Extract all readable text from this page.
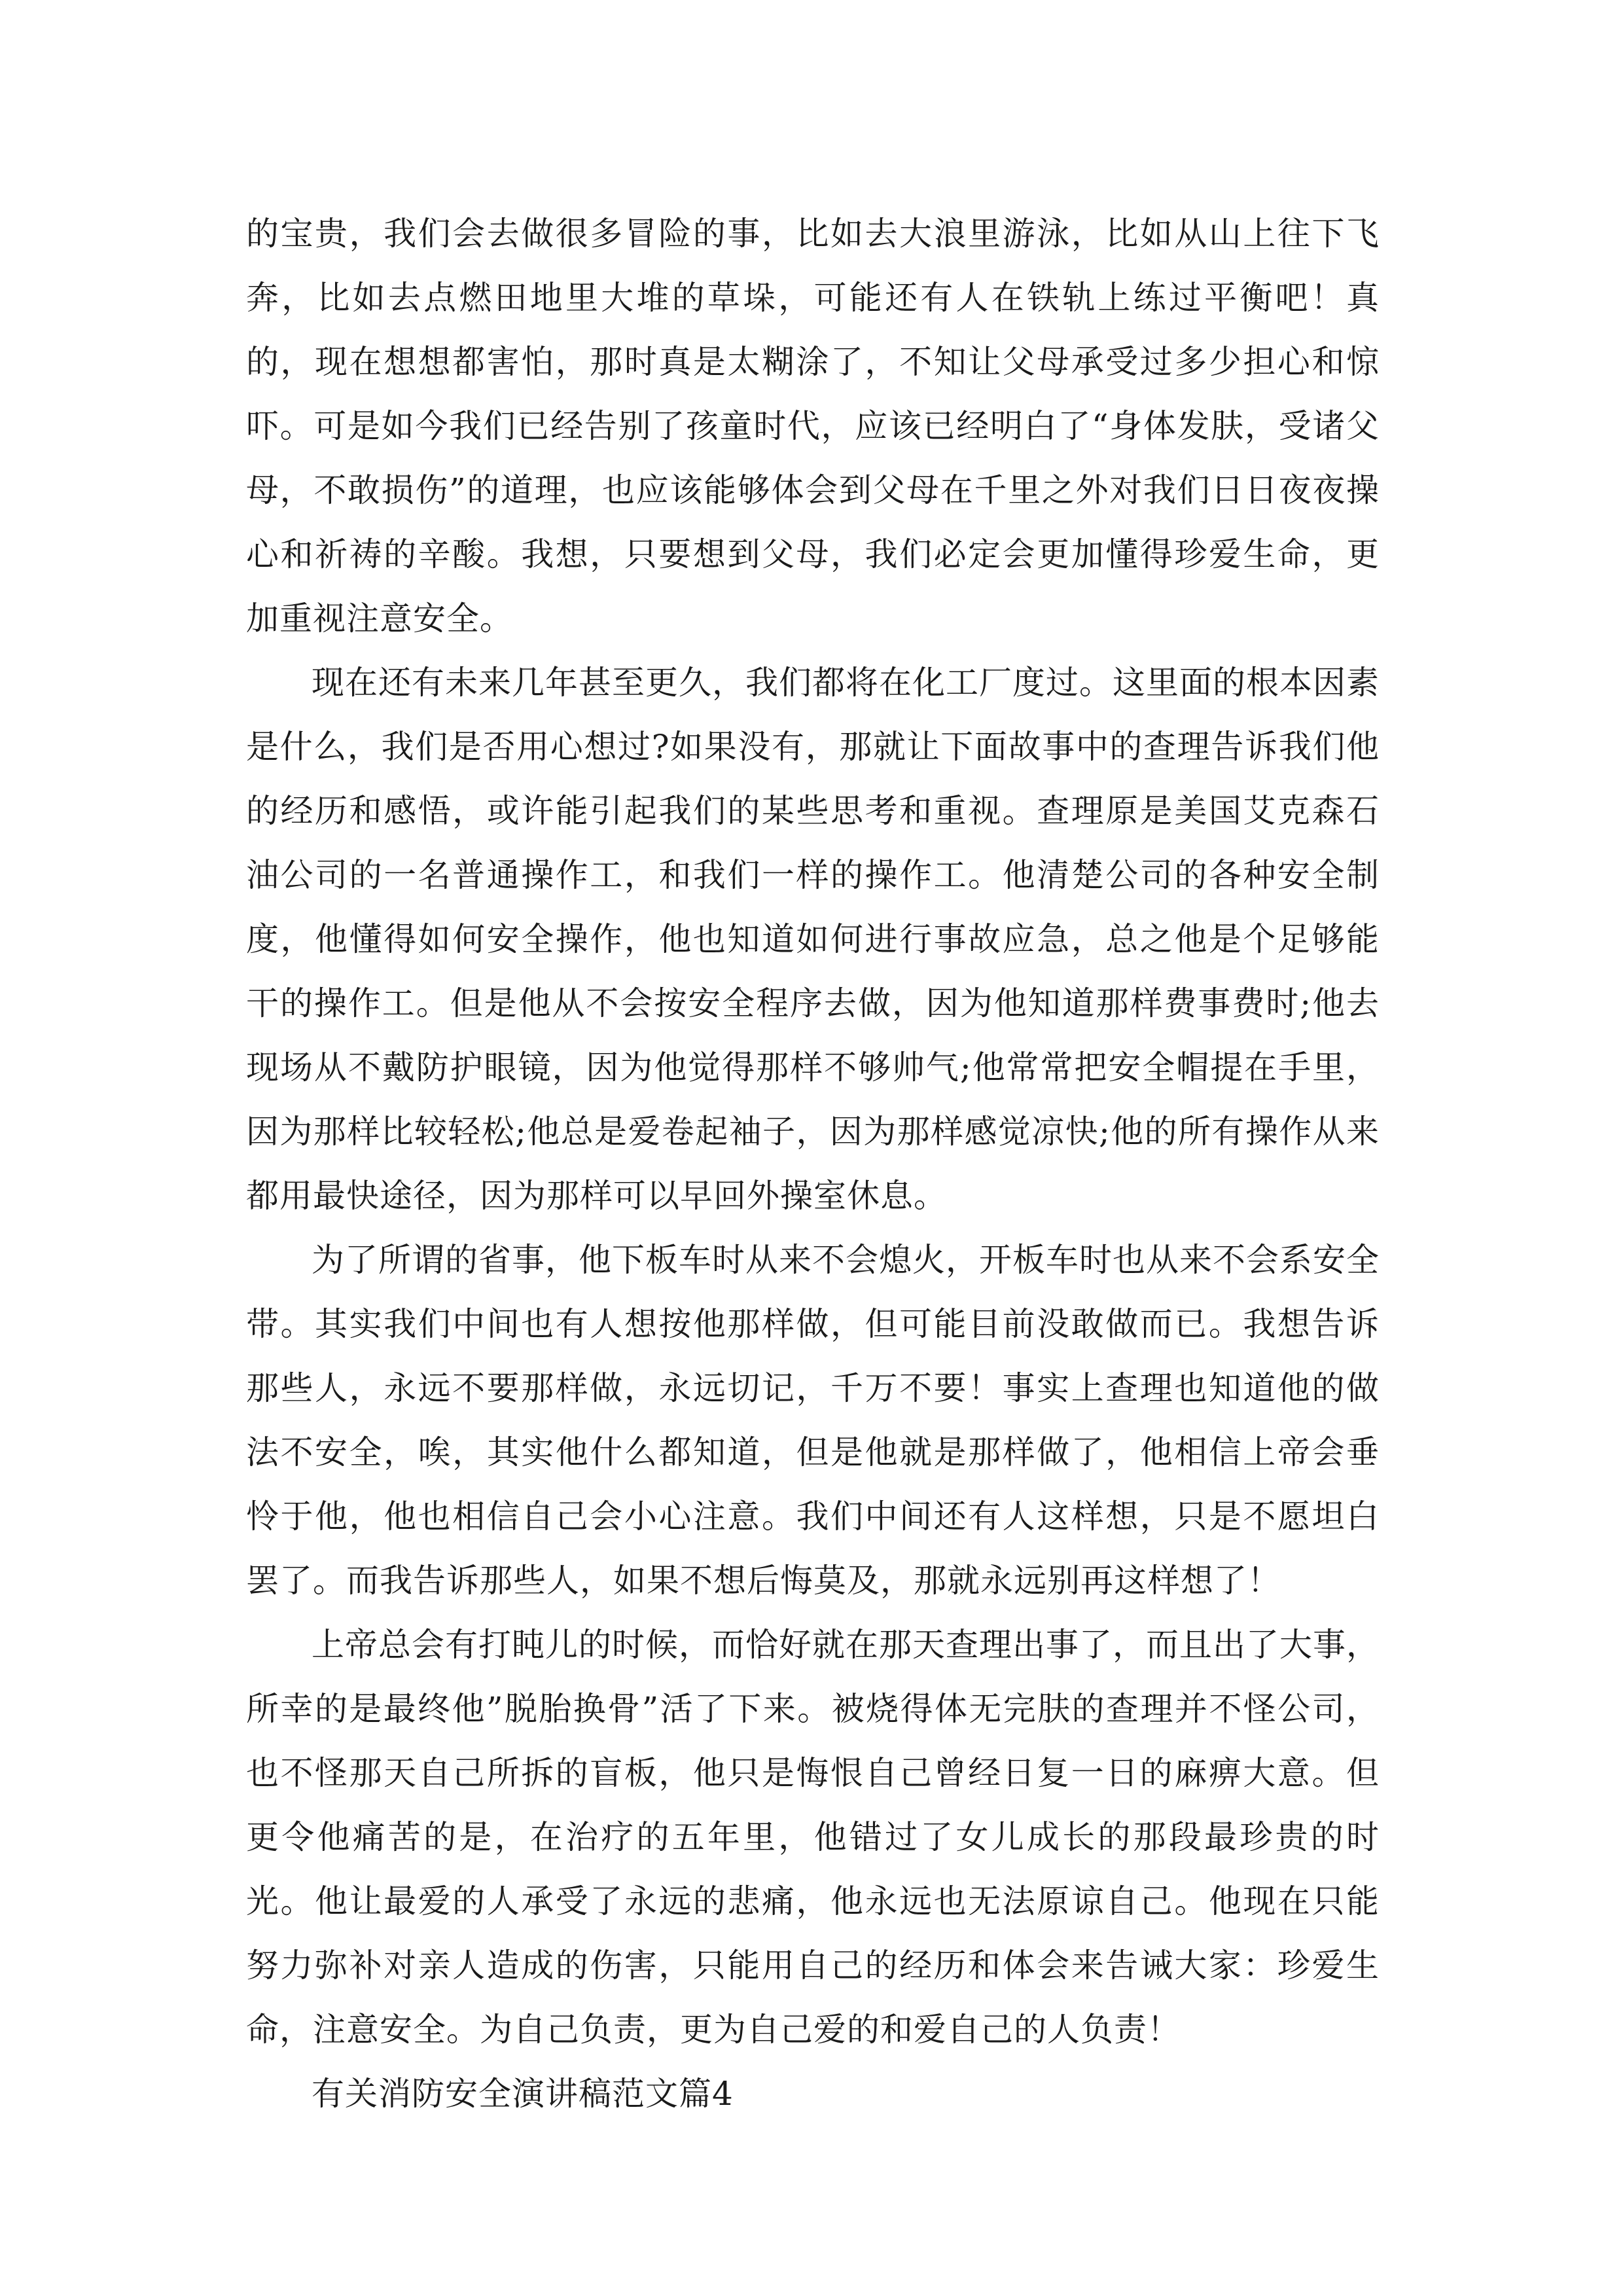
的宝贵，我们会去做很多冒险的事，比如去大浪里游泳，比如从山上往下飞奔，比如去点燃田地里大堆的草垛，可能还有人在铁轨上练过平衡吧！真的，现在想想都害怕，那时真是太糊涂了，不知让父母承受过多少担心和惊吓。可是如今我们已经告别了孩童时代，应该已经明白了“身体发肤，受诸父母，不敢损伤”的道理，也应该能够体会到父母在千里之外对我们日日夜夜操心和祈祷的辛酸。我想，只要想到父母，我们必定会更加懂得珍爱生命，更加重视注意安全。

现在还有未来几年甚至更久，我们都将在化工厂度过。这里面的根本因素是什么，我们是否用心想过?如果没有，那就让下面故事中的查理告诉我们他的经历和感悟，或许能引起我们的某些思考和重视。查理原是美国艾克森石油公司的一名普通操作工，和我们一样的操作工。他清楚公司的各种安全制度，他懂得如何安全操作，他也知道如何进行事故应急，总之他是个足够能干的操作工。但是他从不会按安全程序去做，因为他知道那样费事费时;他去现场从不戴防护眼镜，因为他觉得那样不够帅气;他常常把安全帽提在手里，因为那样比较轻松;他总是爱卷起袖子，因为那样感觉凉快;他的所有操作从来都用最快途径，因为那样可以早回外操室休息。

为了所谓的省事，他下板车时从来不会熄火，开板车时也从来不会系安全带。其实我们中间也有人想按他那样做，但可能目前没敢做而已。我想告诉那些人，永远不要那样做，永远切记，千万不要！事实上查理也知道他的做法不安全，唉，其实他什么都知道，但是他就是那样做了，他相信上帝会垂怜于他，他也相信自己会小心注意。我们中间还有人这样想，只是不愿坦白罢了。而我告诉那些人，如果不想后悔莫及，那就永远别再这样想了！

上帝总会有打盹儿的时候，而恰好就在那天查理出事了，而且出了大事，所幸的是最终他”脱胎换骨”活了下来。被烧得体无完肤的查理并不怪公司，也不怪那天自己所拆的盲板，他只是悔恨自己曾经日复一日的麻痹大意。但更令他痛苦的是，在治疗的五年里，他错过了女儿成长的那段最珍贵的时光。他让最爱的人承受了永远的悲痛，他永远也无法原谅自己。他现在只能努力弥补对亲人造成的伤害，只能用自己的经历和体会来告诫大家：珍爱生命，注意安全。为自己负责，更为自己爱的和爱自己的人负责！

有关消防安全演讲稿范文篇4
